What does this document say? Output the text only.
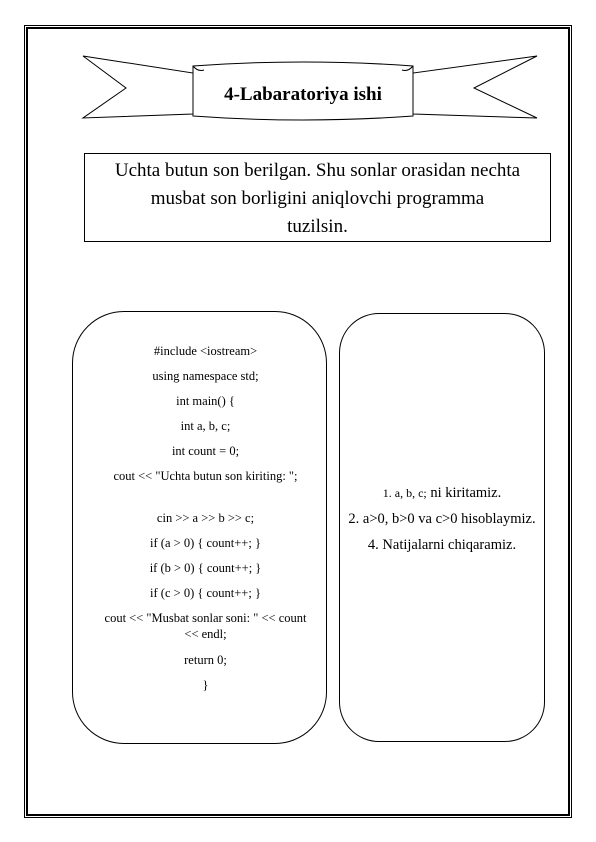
4-Labaratoriya ishi
Uchta butun son berilgan. Shu sonlar orasidan nechta
musbat son borligini aniqlovchi programma
tuzilsin.
#include <iostream>
using namespace std;
int main() {
int a, b, c;
int count = 0;
cout << "Uchta butun son kiriting: ";
cin >> a >> b >> c;
if (a > 0) { count++; }
if (b > 0) { count++; }
if (c > 0) { count++; }
cout << "Musbat sonlar soni: " << count << endl;
return 0;
}
1. a, b, c; ni kiritamiz.
2. a>0, b>0 va c>0 hisoblaymiz.
4. Natijalarni chiqaramiz.
